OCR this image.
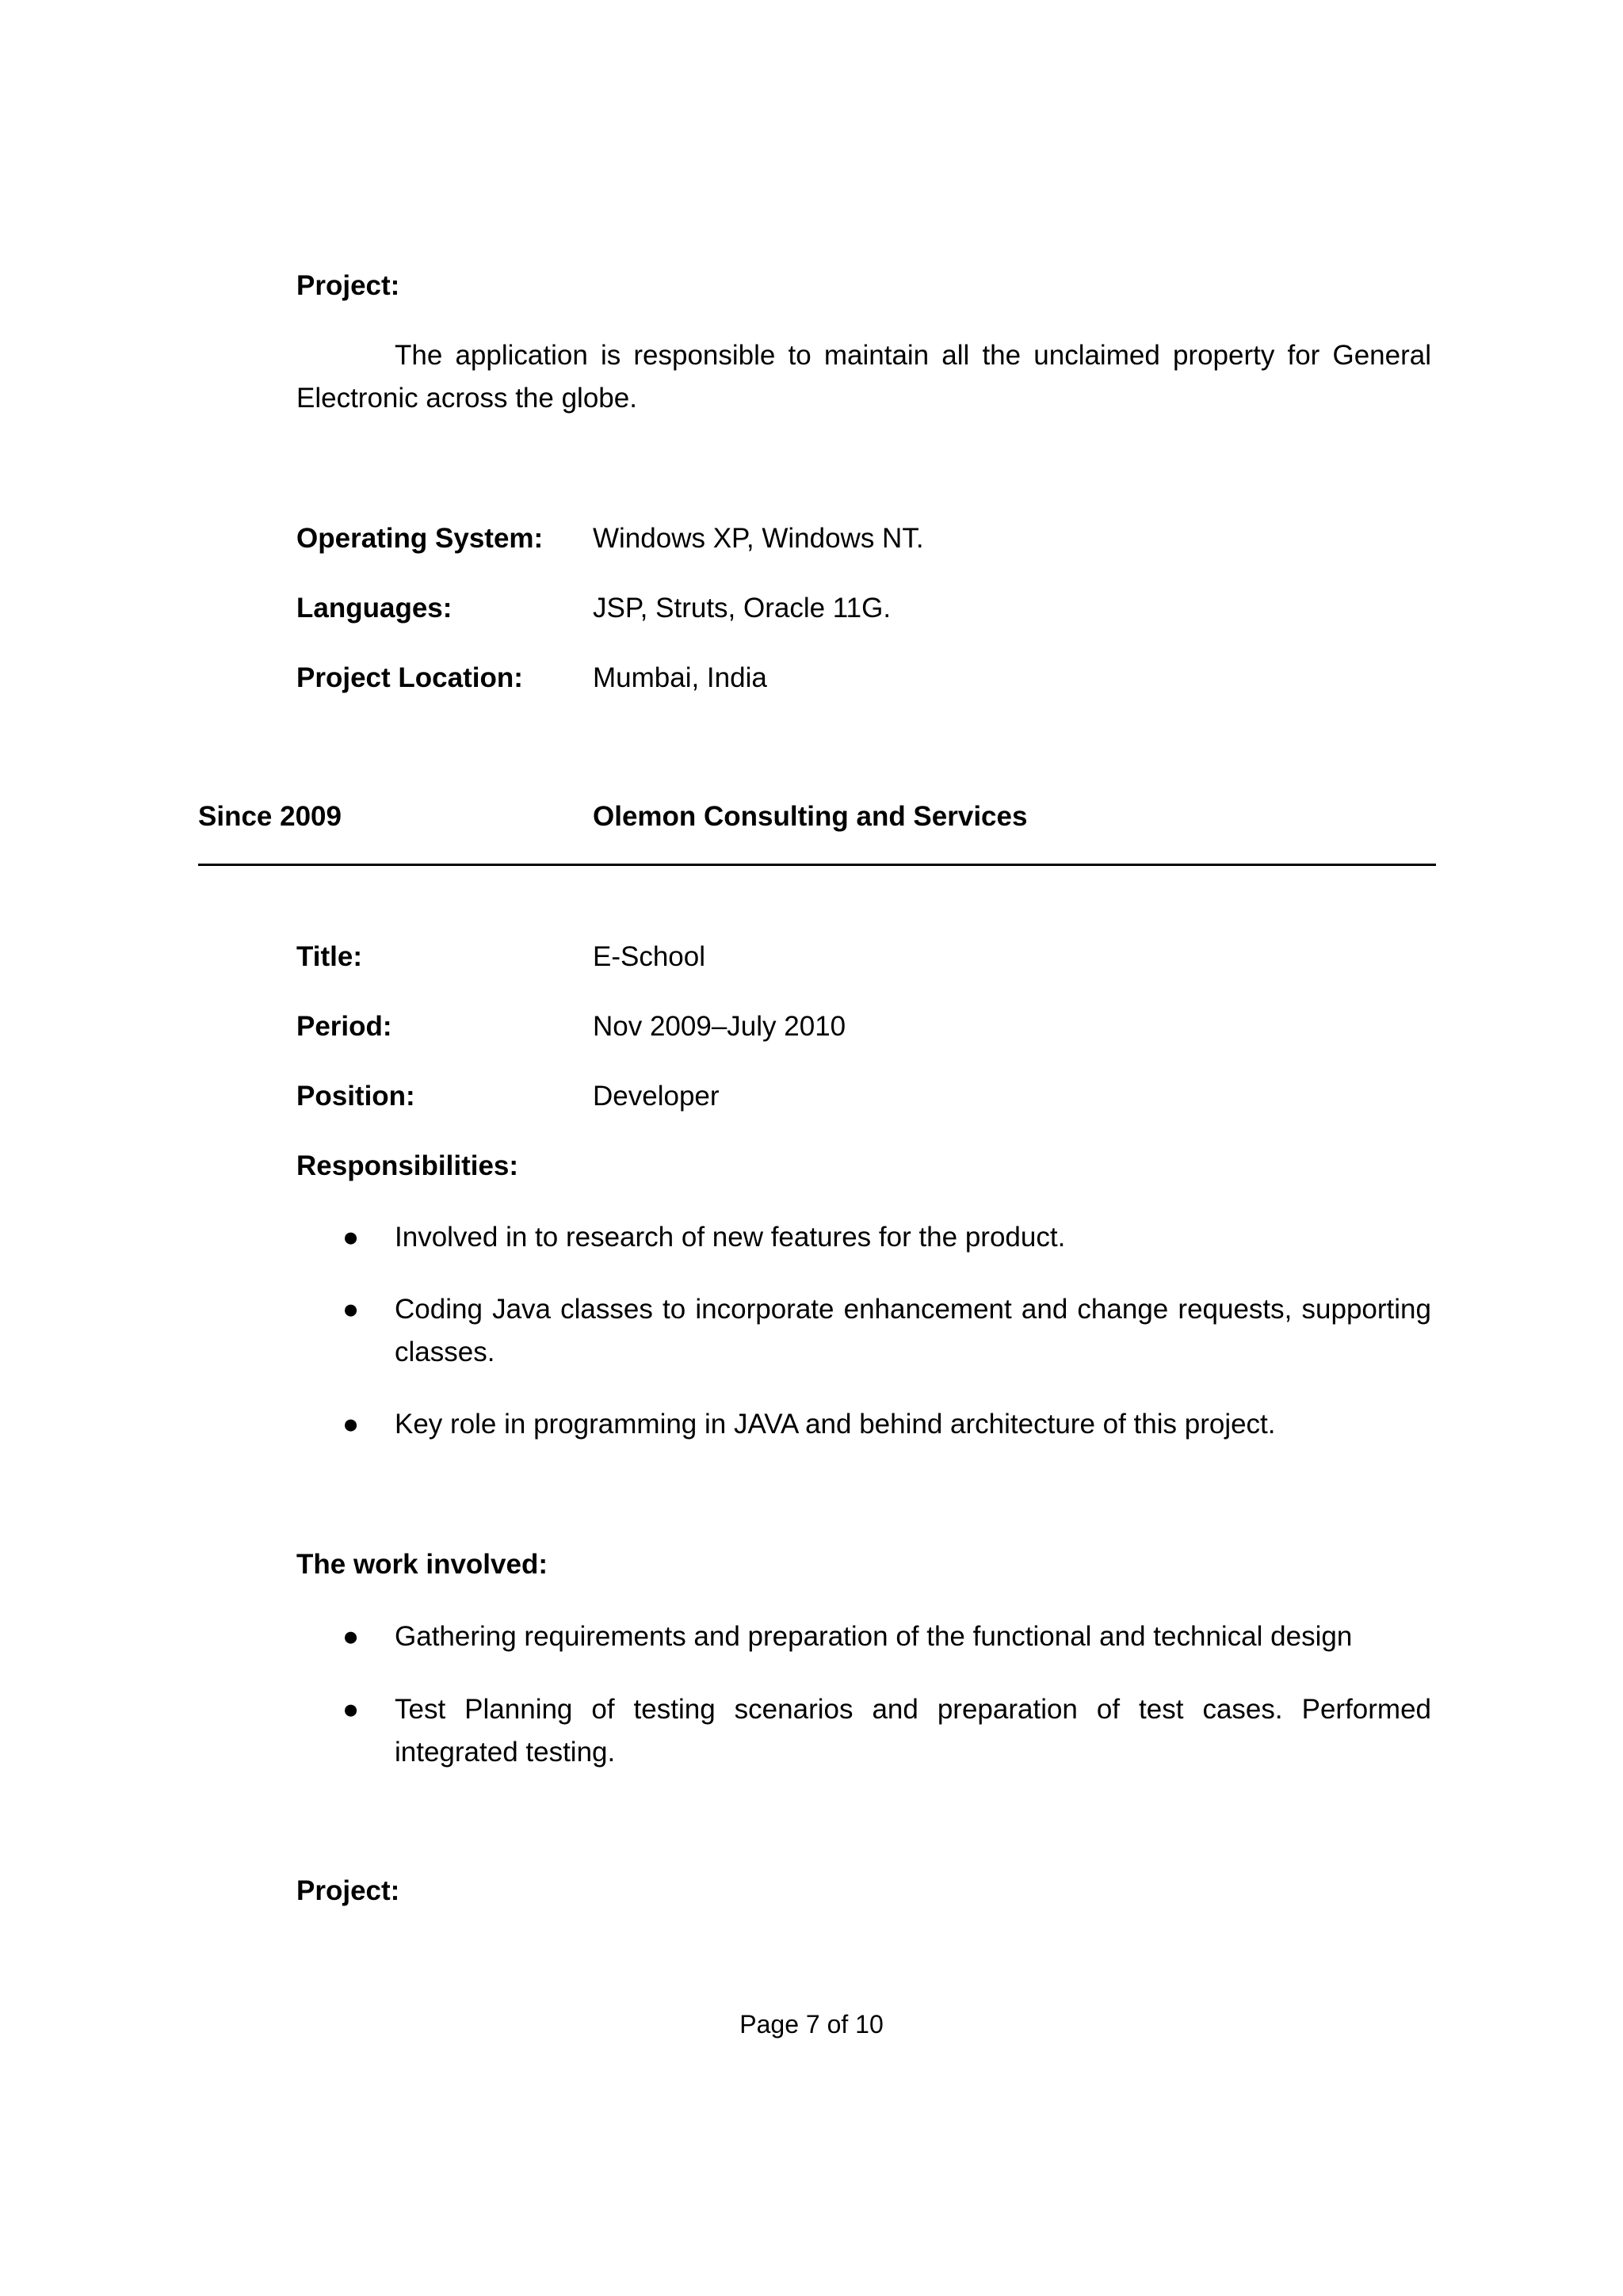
Project:
The application is responsible to maintain all the unclaimed property for General Electronic across the globe.
Operating System: Windows XP, Windows NT.
Languages:	JSP, Struts, Oracle 11G.
Project Location:	Mumbai, India
Since 2009	Olemon Consulting and Services
Title:	E-School
Period:	Nov 2009–July 2010
Position:	Developer
Responsibilities:
● Involved in to research of new features for the product.
● Coding Java classes to incorporate enhancement and change requests, supporting classes.
● Key role in programming in JAVA and behind architecture of this project.
The work involved:
● Gathering requirements and preparation of the functional and technical design
● Test Planning of testing scenarios and preparation of test cases. Performed integrated testing.
Project:
Page 7 of 10
